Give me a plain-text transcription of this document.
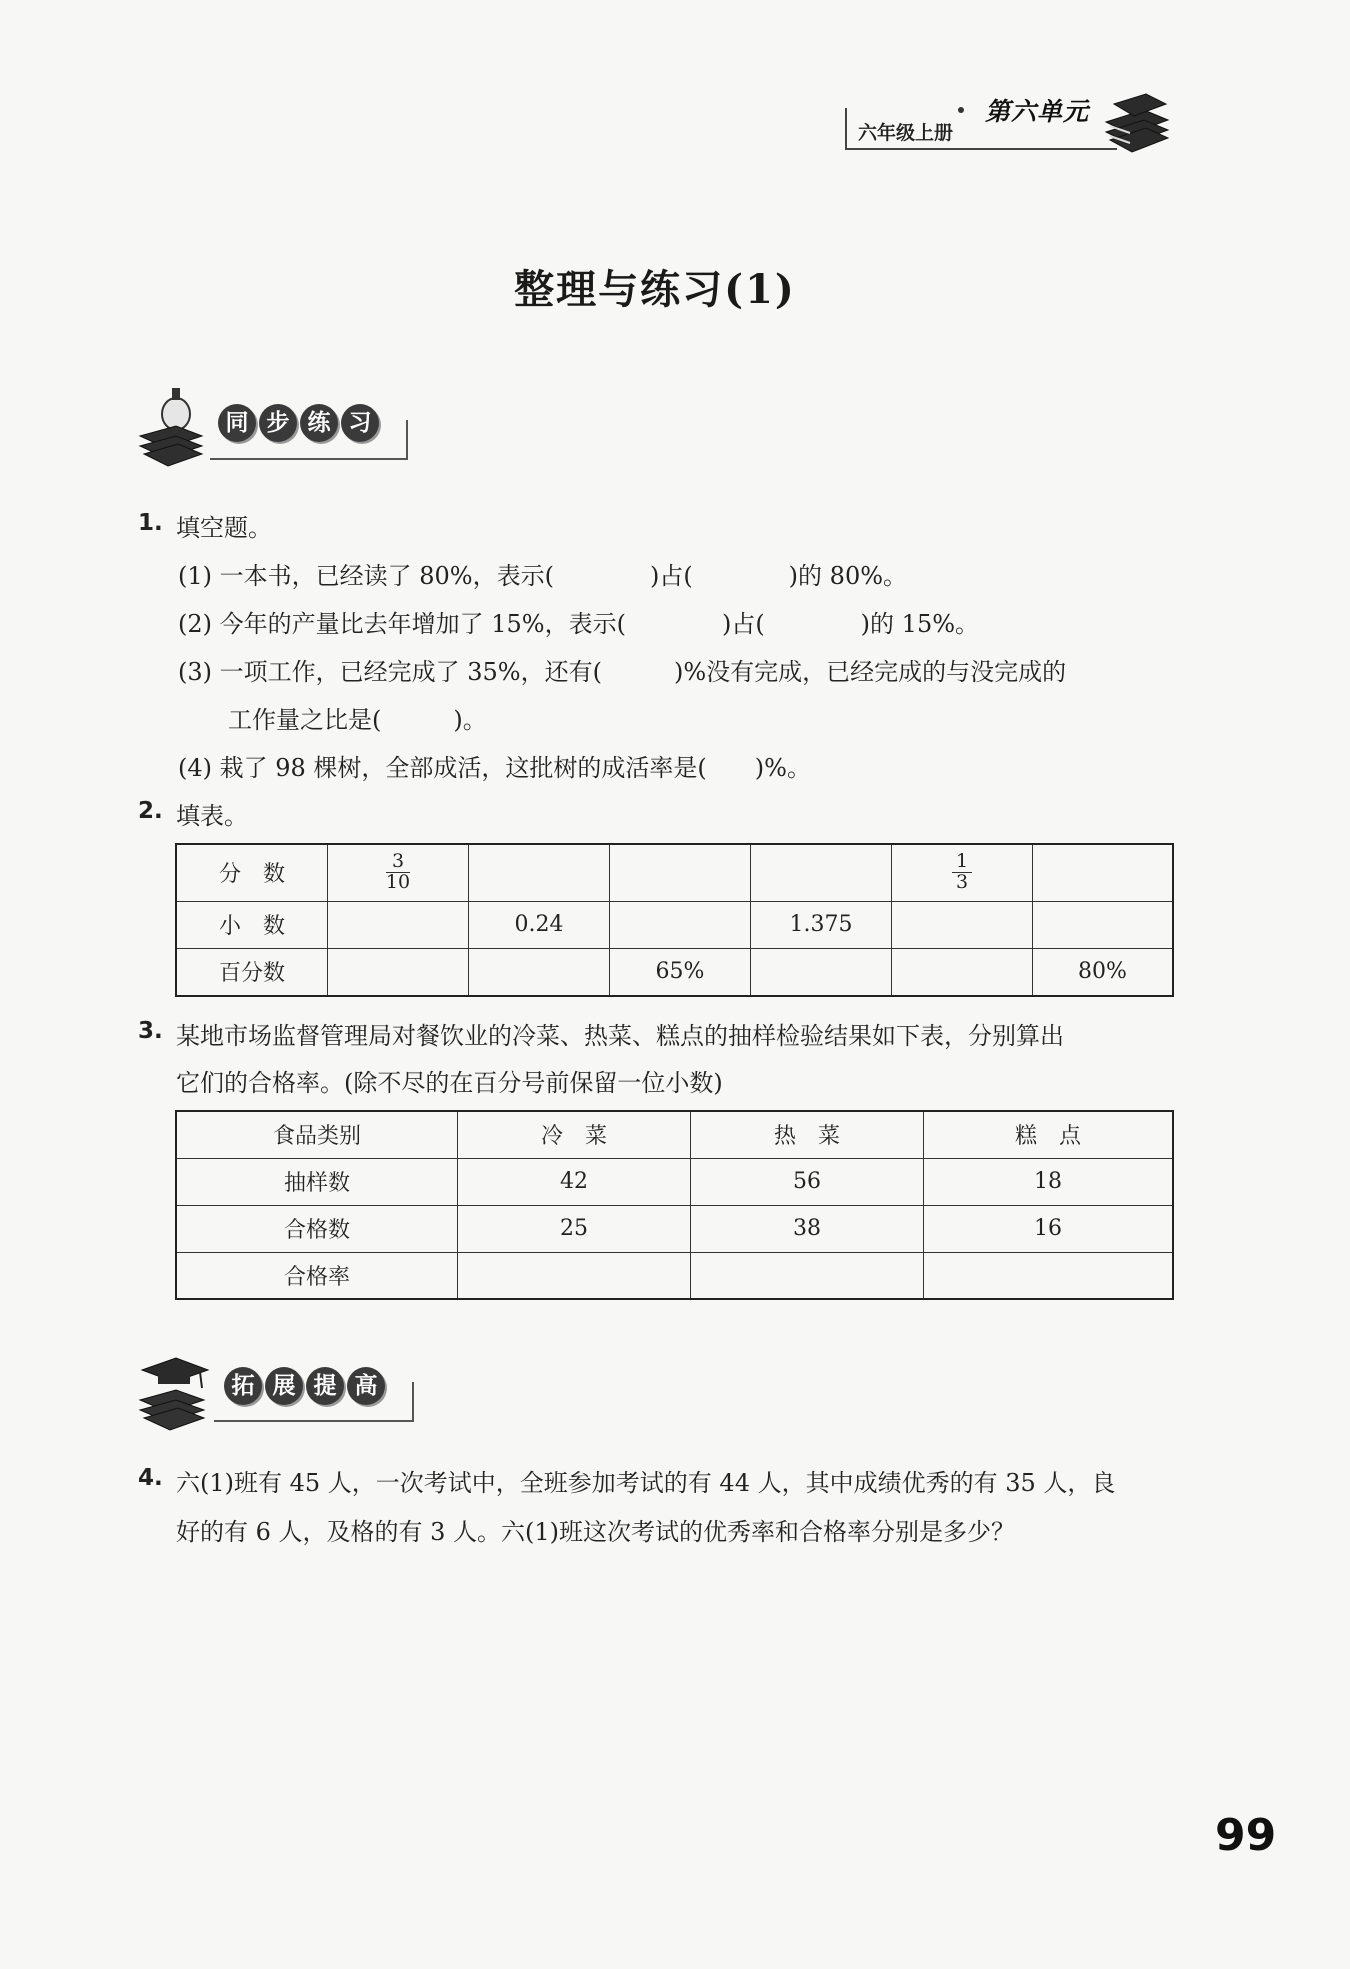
六年级上册
第六单元
整理与练习(1)
同 步 练 习
1. 填空题。
(1) 一本书，已经读了 80%，表示(　　　　)占(　　　　)的 80%。
(2) 今年的产量比去年增加了 15%，表示(　　　　)占(　　　　)的 15%。
(3) 一项工作，已经完成了 35%，还有(　　　)%没有完成，已经完成的与没完成的
工作量之比是(　　　)。
(4) 栽了 98 棵树，全部成活，这批树的成活率是(　　)%。
2. 填表。
分　数	$\frac{3}{10}$				$\frac{1}{3}$

小　数		0.24		1.375		
百分数			65%			80%
3. 某地市场监督管理局对餐饮业的冷菜、热菜、糕点的抽样检验结果如下表，分别算出
它们的合格率。(除不尽的在百分号前保留一位小数)
食品类别	冷　菜	热　菜	糕　点
抽样数	42	56	18
合格数	25	38	16
合格率			
拓 展 提 高
4. 六(1)班有 45 人，一次考试中，全班参加考试的有 44 人，其中成绩优秀的有 35 人，良
好的有 6 人，及格的有 3 人。六(1)班这次考试的优秀率和合格率分别是多少？
99
